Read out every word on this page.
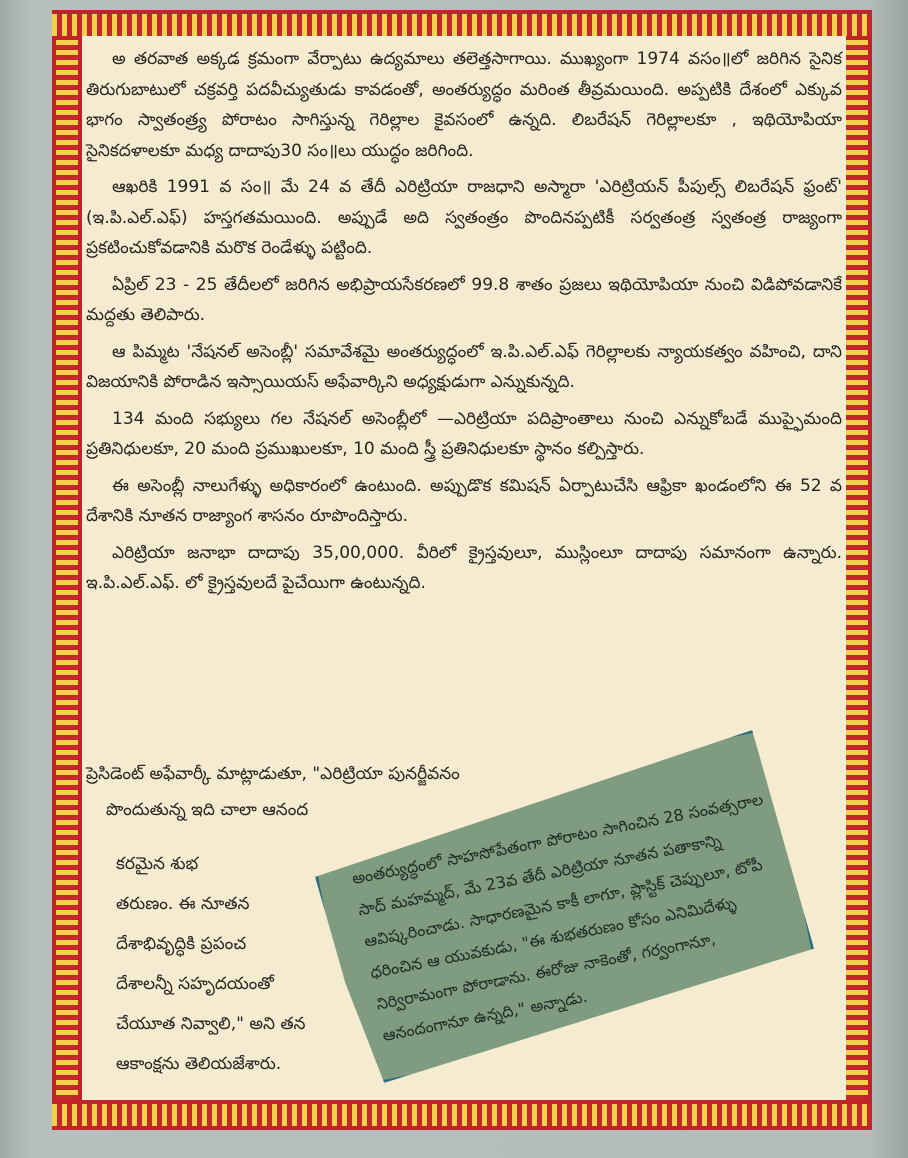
అ తరవాత అక్కడ క్రమంగా వేర్పాటు ఉద్యమాలు తలెత్తసాగాయి. ముఖ్యంగా 1974 వసం॥లో జరిగిన సైనిక తిరుగుబాటులో చక్రవర్తి పదవీచ్యుతుడు కావడంతో, అంతర్యుద్ధం మరింత తీవ్రమయింది. అప్పటికి దేశంలో ఎక్కువ భాగం స్వాతంత్ర్య పోరాటం సాగిస్తున్న గెరిల్లాల కైవసంలో ఉన్నది. లిబరేషన్ గెరిల్లాలకూ , ఇథియోపియా సైనికదళాలకూ మధ్య దాదాపు30 సం॥లు యుద్ధం జరిగింది.

ఆఖరికి 1991 వ సం॥ మే 24 వ తేదీ ఎరిట్రియా రాజధాని అస్మారా 'ఎరిట్రియన్ పీపుల్స్ లిబరేషన్ ఫ్రంట్' (ఇ.పి.ఎల్.ఎఫ్) హస్తగతమయింది. అప్పుడే అది స్వతంత్రం పొందినప్పటికీ సర్వతంత్ర స్వతంత్ర రాజ్యంగా ప్రకటించుకోవడానికి మరొక రెండేళ్ళు పట్టింది.

ఏప్రిల్ 23 - 25 తేదీలలో జరిగిన అభిప్రాయసేకరణలో 99.8 శాతం ప్రజలు ఇథియోపియా నుంచి విడిపోవడానికే మద్దతు తెలిపారు.

ఆ పిమ్మట 'నేషనల్ అసెంబ్లీ' సమావేశమై అంతర్యుద్ధంలో ఇ.పి.ఎల్.ఎఫ్ గెరిల్లాలకు న్యాయకత్వం వహించి, దాని విజయానికి పోరాడిన ఇస్సాయియస్ అఫేవార్కిని అధ్యక్షుడుగా ఎన్నుకున్నది.

134 మంది సభ్యులు గల నేషనల్ అసెంబ్లీలో —ఎరిట్రియా పదిప్రాంతాలు నుంచి ఎన్నుకోబడే ముప్ఫైమంది ప్రతినిధులకూ, 20 మంది ప్రముఖులకూ, 10 మంది స్త్రీ ప్రతినిధులకూ స్థానం కల్పిస్తారు.

ఈ అసెంబ్లీ నాలుగేళ్ళు అధికారంలో ఉంటుంది. అప్పుడొక కమిషన్ ఏర్పాటుచేసి ఆఫ్రికా ఖండంలోని ఈ 52 వ దేశానికి నూతన రాజ్యాంగ శాసనం రూపొందిస్తారు.

ఎరిట్రియా జనాభా దాదాపు 35,00,000. వీరిలో క్రైస్తవులూ, ముస్లింలూ దాదాపు సమానంగా ఉన్నారు. ఇ.పి.ఎల్.ఎఫ్. లో క్రైస్తవులదే పైచేయిగా ఉంటున్నది.

ప్రెసిడెంట్ అఫేవార్కీ మాట్లాడుతూ, "ఎరిట్రియా పునర్జీవనం
పొందుతున్న ఇది చాలా ఆనంద
కరమైన శుభ
తరుణం. ఈ నూతన
దేశాభివృద్ధికి ప్రపంచ
దేశాలన్నీ సహృదయంతో
చేయూత నివ్వాలి," అని తన
ఆకాంక్షను తెలియజేశారు.
అంతర్యుద్ధంలో సాహసోపేతంగా పోరాటం సాగించిన 28 సంవత్సరాల సాద్ మహమ్మద్, మే 23వ తేదీ ఎరిట్రియా నూతన పతాకాన్ని ఆవిష్కరించాడు. సాధారణమైన కాకీ లాగూ, ప్లాస్టిక్ చెప్పులూ, టోపీ ధరించిన ఆ యువకుడు, "ఈ శుభతరుణం కోసం ఎనిమిదేళ్ళు నిర్విరామంగా పోరాడాను. ఈరోజు నాకెంతో, గర్వంగానూ, ఆనందంగానూ ఉన్నది," అన్నాడు.
